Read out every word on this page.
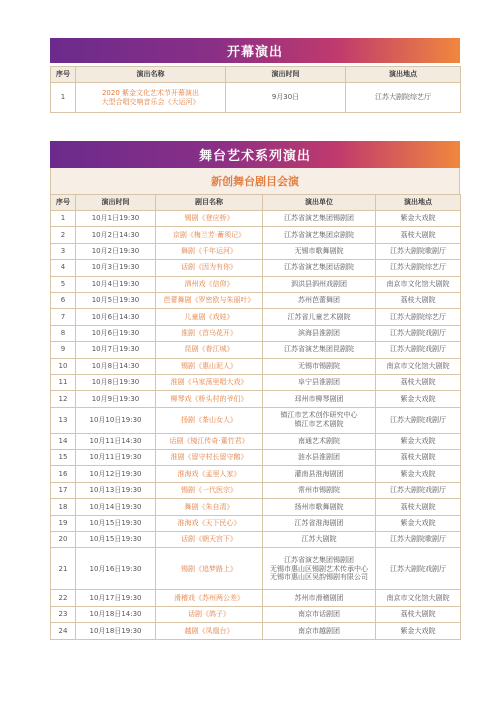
开幕演出
序号	演出名称	演出时间	演出地点
1	2020 紫金文化艺术节开幕演出
大型合唱交响音乐会《大运河》	9月30日	江苏大剧院综艺厅
舞台艺术系列演出
新创舞台剧目会演
序号	演出时间	剧目名称	演出单位	演出地点
1	10月1日19:30	锡剧《登应桥》	江苏省演艺集团锡剧团	紫金大戏院
2	10月2日14:30	京剧《梅兰芳·蓄须记》	江苏省演艺集团京剧院	荔枝大剧院
3	10月2日19:30	舞剧《千年运河》	无锡市歌舞剧院	江苏大剧院歌剧厅
4	10月3日19:30	话剧《因为有你》	江苏省演艺集团话剧院	江苏大剧院综艺厅
5	10月4日19:30	泗州戏《信仰》	泗洪县泗州戏剧团	南京市文化馆大剧院
6	10月5日19:30	芭蕾舞剧《罗密欧与朱丽叶》	苏州芭蕾舞团	荔枝大剧院
7	10月6日14:30	儿童剧《戏娃》	江苏省儿童艺术剧院	江苏大剧院综艺厅
8	10月6日19:30	淮剧《首乌花开》	滨海县淮剧团	江苏大剧院戏剧厅
9	10月7日19:30	昆剧《眷江城》	江苏省演艺集团昆剧院	江苏大剧院戏剧厅
10	10月8日14:30	锡剧《惠山泥人》	无锡市锡剧院	南京市文化馆大剧院
11	10月8日19:30	淮剧《马家荡里唱大戏》	阜宁县淮剧团	荔枝大剧院
12	10月9日19:30	柳琴戏《桥头村的爷们》	邳州市柳琴剧团	紫金大戏院
13	10月10日19:30	扬剧《茶山女人》	镇江市艺术创作研究中心
镇江市艺术剧院	江苏大剧院戏剧厅
14	10月11日14:30	话剧《镜江传奇·董竹君》	南通艺术剧院	紫金大戏院
15	10月11日19:30	淮剧《留守村长留守鹅》	涟水县淮剧团	荔枝大剧院
16	10月12日19:30	淮海戏《孟里人家》	灌南县淮海剧团	紫金大戏院
17	10月13日19:30	锡剧《一代医宗》	常州市锡剧院	江苏大剧院戏剧厅
18	10月14日19:30	舞剧《朱自清》	扬州市歌舞剧院	荔枝大剧院
19	10月15日19:30	淮海戏《天下民心》	江苏省淮海剧团	紫金大戏院
20	10月15日19:30	话剧《朝天宫下》	江苏大剧院	江苏大剧院歌剧厅
21	10月16日19:30	锡剧《追梦路上》	江苏省演艺集团锡剧团
无锡市惠山区锡剧艺术传承中心
无锡市惠山区吴韵锡剧有限公司	江苏大剧院戏剧厅
22	10月17日19:30	滑稽戏《苏州两公差》	苏州市滑稽剧团	南京市文化馆大剧院
23	10月18日14:30	话剧《鸽子》	南京市话剧团	荔枝大剧院
24	10月18日19:30	越剧《凤凰台》	南京市越剧团	紫金大戏院
